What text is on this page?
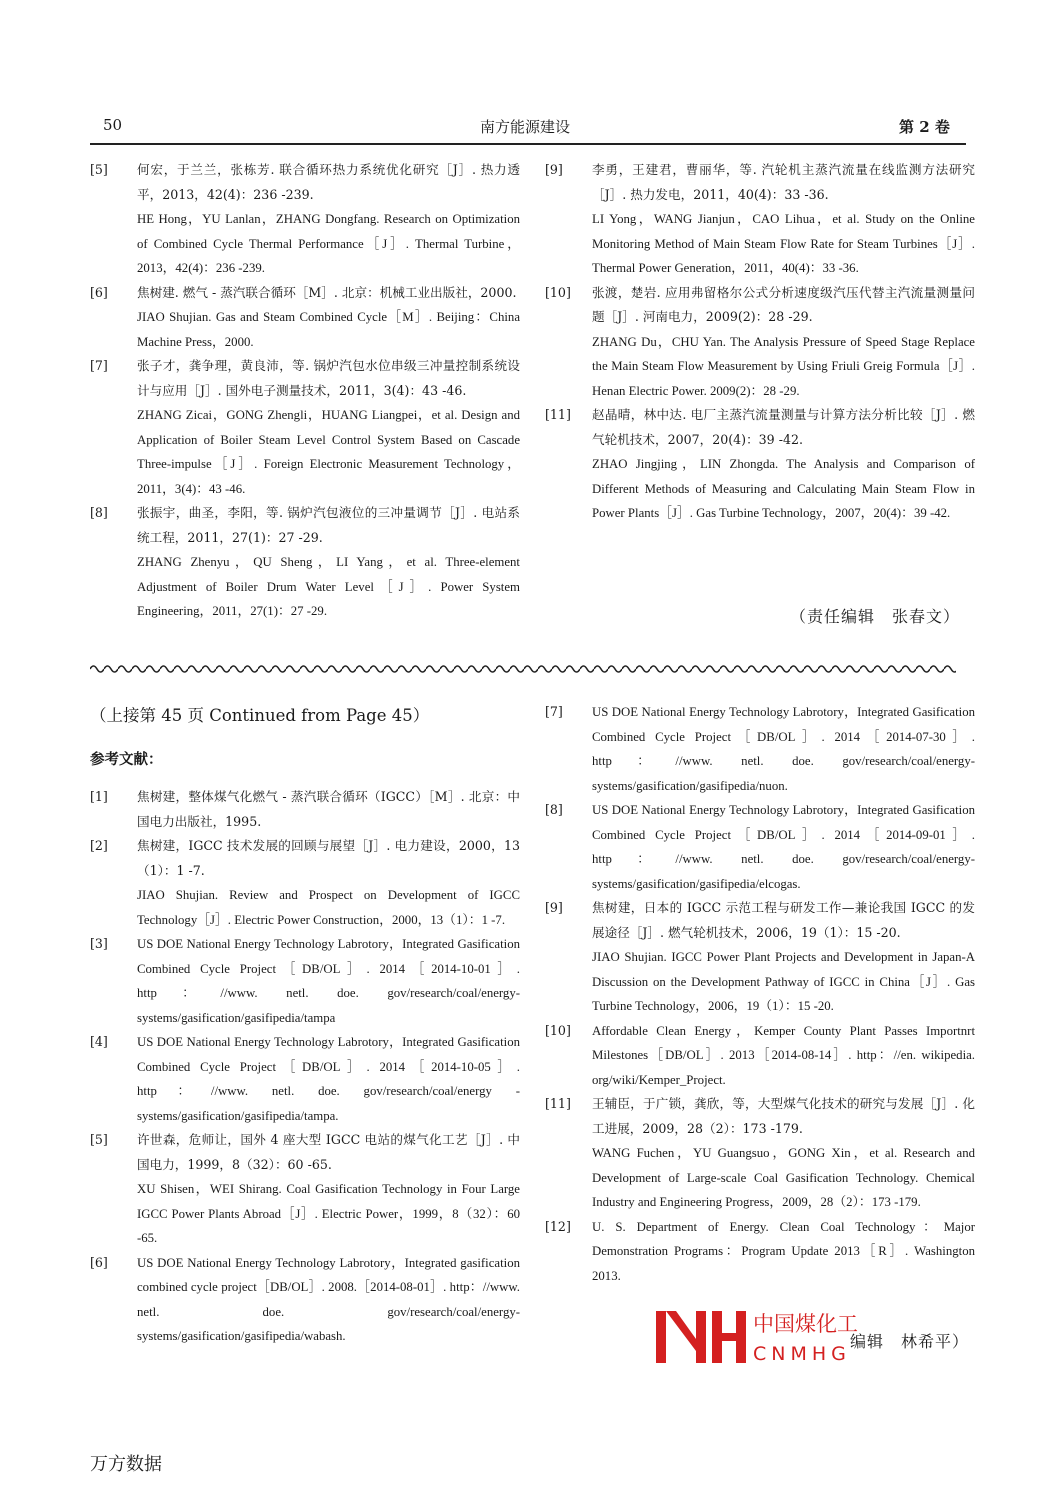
50	南方能源建设	第 2 卷
[5] 何宏，于兰兰，张栋芳. 联合循环热力系统优化研究［J］. 热力透平，2013，42(4)：236 -239.
HE Hong，YU Lanlan，ZHANG Dongfang. Research on Optimization of Combined Cycle Thermal Performance［J］. Thermal Turbine，2013，42(4)：236 -239.
[6] 焦树建. 燃气 - 蒸汽联合循环［M］. 北京：机械工业出版社，2000.
JIAO Shujian. Gas and Steam Combined Cycle［M］. Beijing：China Machine Press，2000.
[7] 张子才，龚争理，黄良沛，等. 锅炉汽包水位串级三冲量控制系统设计与应用［J］. 国外电子测量技术，2011，3(4)：43 -46.
ZHANG Zicai，GONG Zhengli，HUANG Liangpei，et al. Design and Application of Boiler Steam Level Control System Based on Cascade Three-impulse［J］. Foreign Electronic Measurement Technology，2011，3(4)：43 -46.
[8] 张振宇，曲圣，李阳，等. 锅炉汽包液位的三冲量调节［J］. 电站系统工程，2011，27(1)：27 -29.
ZHANG Zhenyu，QU Sheng，LI Yang，et al. Three-element Adjustment of Boiler Drum Water Level［J］. Power System Engineering，2011，27(1)：27 -29.
[9] 李勇，王建君，曹丽华，等. 汽轮机主蒸汽流量在线监测方法研究［J］. 热力发电，2011，40(4)：33 -36.
LI Yong，WANG Jianjun，CAO Lihua，et al. Study on the Online Monitoring Method of Main Steam Flow Rate for Steam Turbines［J］. Thermal Power Generation，2011，40(4)：33 -36.
[10] 张渡，楚岩. 应用弗留格尔公式分析速度级汽压代替主汽流量测量问题［J］. 河南电力，2009(2)：28 -29.
ZHANG Du，CHU Yan. The Analysis Pressure of Speed Stage Replace the Main Steam Flow Measurement by Using Friuli Greig Formula［J］. Henan Electric Power. 2009(2)：28 -29.
[11] 赵晶晴，林中达. 电厂主蒸汽流量测量与计算方法分析比较［J］. 燃气轮机技术，2007，20(4)：39 -42.
ZHAO Jingjing，LIN Zhongda. The Analysis and Comparison of Different Methods of Measuring and Calculating Main Steam Flow in Power Plants［J］. Gas Turbine Technology，2007，20(4)：39 -42.
（责任编辑　张春文）
（上接第 45 页 Continued from Page 45）
参考文献：
[1] 焦树建，整体煤气化燃气 - 蒸汽联合循环（IGCC）［M］. 北京：中国电力出版社，1995.
[2] 焦树建，IGCC 技术发展的回顾与展望［J］. 电力建设，2000，13（1）：1 -7.
JIAO Shujian. Review and Prospect on Development of IGCC Technology［J］. Electric Power Construction，2000，13（1）：1 -7.
[3] US DOE National Energy Technology Labrotory，Integrated Gasification Combined Cycle Project［DB/OL］. 2014［2014-10-01］. http：//www. netl. doe. gov/research/coal/energy-systems/gasification/gasifipedia/tampa
[4] US DOE National Energy Technology Labrotory，Integrated Gasification Combined Cycle Project［DB/OL］. 2014［2014-10-05］. http：//www. netl. doe. gov/research/coal/energy - systems/gasification/gasifipedia/tampa.
[5] 许世森，危师让，国外 4 座大型 IGCC 电站的煤气化工艺［J］. 中国电力，1999，8（32）：60 -65.
XU Shisen，WEI Shirang. Coal Gasification Technology in Four Large IGCC Power Plants Abroad［J］. Electric Power，1999，8（32）：60 -65.
[6] US DOE National Energy Technology Labrotory，Integrated gasification combined cycle project［DB/OL］. 2008.［2014-08-01］. http：//www. netl. doe. gov/research/coal/energy-systems/gasification/gasifipedia/wabash.
[7] US DOE National Energy Technology Labrotory，Integrated Gasification Combined Cycle Project［DB/OL］. 2014［2014-07-30］. http：//www. netl. doe. gov/research/coal/energy-systems/gasification/gasifipedia/nuon.
[8] US DOE National Energy Technology Labrotory，Integrated Gasification Combined Cycle Project［DB/OL］. 2014［2014-09-01］. http：//www. netl. doe. gov/research/coal/energy-systems/gasification/gasifipedia/elcogas.
[9] 焦树建，日本的 IGCC 示范工程与研发工作—兼论我国 IGCC 的发展途径［J］. 燃气轮机技术，2006，19（1）：15 -20.
JIAO Shujian. IGCC Power Plant Projects and Development in Japan-A Discussion on the Development Pathway of IGCC in China［J］. Gas Turbine Technology，2006，19（1）：15 -20.
[10] Affordable Clean Energy，Kemper County Plant Passes Importnrt Milestones［DB/OL］. 2013［2014-08-14］. http：//en. wikipedia. org/wiki/Kemper_Project.
[11] 王辅臣，于广锁，龚欣，等，大型煤气化技术的研究与发展［J］. 化工进展，2009，28（2）：173 -179.
WANG Fuchen，YU Guangsuo，GONG Xin，et al. Research and Development of Large-scale Coal Gasification Technology. Chemical Industry and Engineering Progress，2009，28（2）：173 -179.
[12] U. S. Department of Energy. Clean Coal Technology：Major Demonstration Programs：Program Update 2013［R］. Washington 2013.
中国煤化工
CNMHG
编辑　林希平）
万方数据
